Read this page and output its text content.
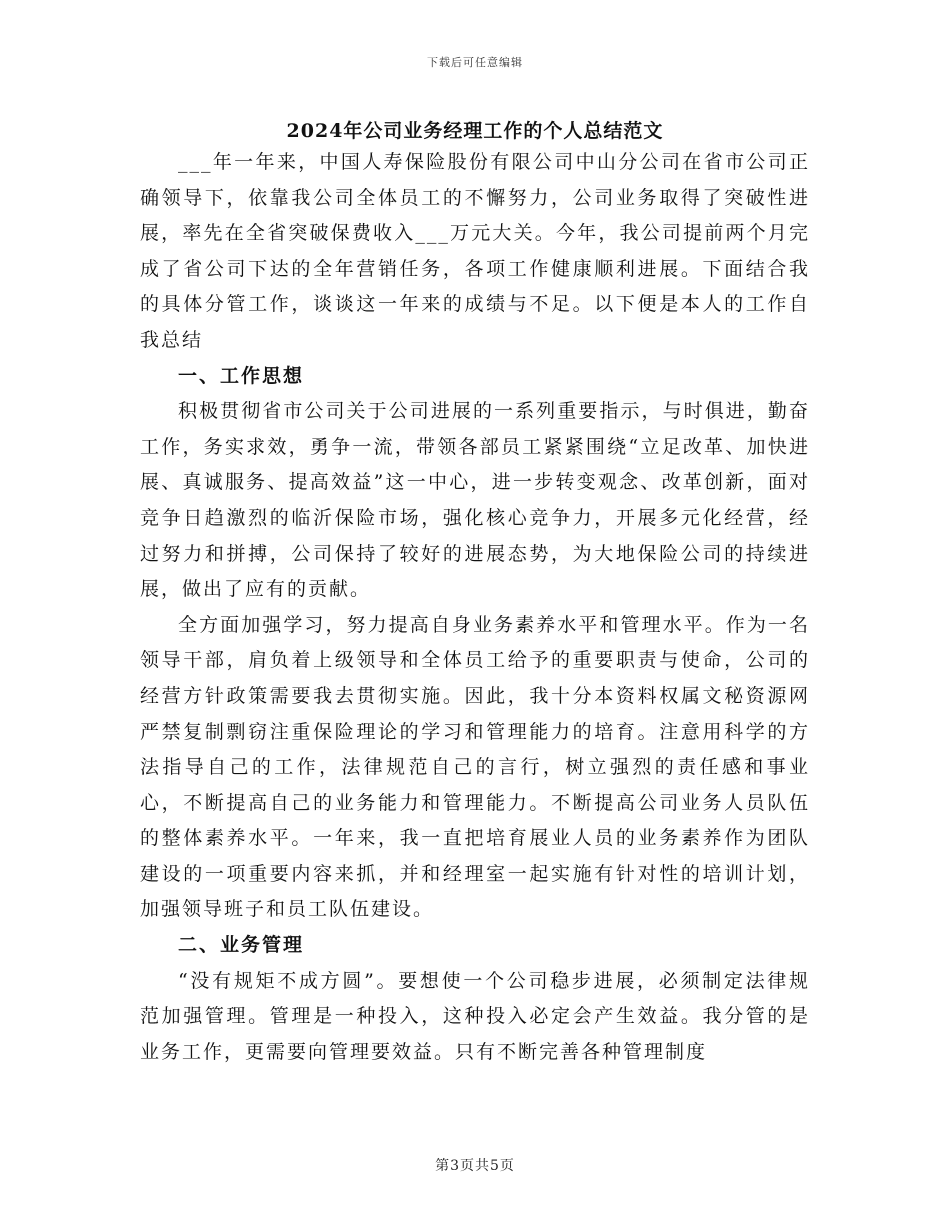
下载后可任意编辑
2024年公司业务经理工作的个人总结范文

___年一年来，中国人寿保险股份有限公司中山分公司在省市公司正确领导下，依靠我公司全体员工的不懈努力，公司业务取得了突破性进展，率先在全省突破保费收入___万元大关。今年，我公司提前两个月完成了省公司下达的全年营销任务，各项工作健康顺利进展。下面结合我的具体分管工作，谈谈这一年来的成绩与不足。以下便是本人的工作自我总结

一、工作思想

积极贯彻省市公司关于公司进展的一系列重要指示，与时俱进，勤奋工作，务实求效，勇争一流，带领各部员工紧紧围绕“立足改革、加快进展、真诚服务、提高效益”这一中心，进一步转变观念、改革创新，面对竞争日趋激烈的临沂保险市场，强化核心竞争力，开展多元化经营，经过努力和拼搏，公司保持了较好的进展态势，为大地保险公司的持续进展，做出了应有的贡献。

全方面加强学习，努力提高自身业务素养水平和管理水平。作为一名领导干部，肩负着上级领导和全体员工给予的重要职责与使命，公司的经营方针政策需要我去贯彻实施。因此，我十分本资料权属文秘资源网严禁复制剽窃注重保险理论的学习和管理能力的培育。注意用科学的方法指导自己的工作，法律规范自己的言行，树立强烈的责任感和事业心，不断提高自己的业务能力和管理能力。不断提高公司业务人员队伍的整体素养水平。一年来，我一直把培育展业人员的业务素养作为团队建设的一项重要内容来抓，并和经理室一起实施有针对性的培训计划，加强领导班子和员工队伍建设。

二、业务管理

“没有规矩不成方圆”。要想使一个公司稳步进展，必须制定法律规范加强管理。管理是一种投入，这种投入必定会产生效益。我分管的是业务工作，更需要向管理要效益。只有不断完善各种管理制度

第3页共5页
